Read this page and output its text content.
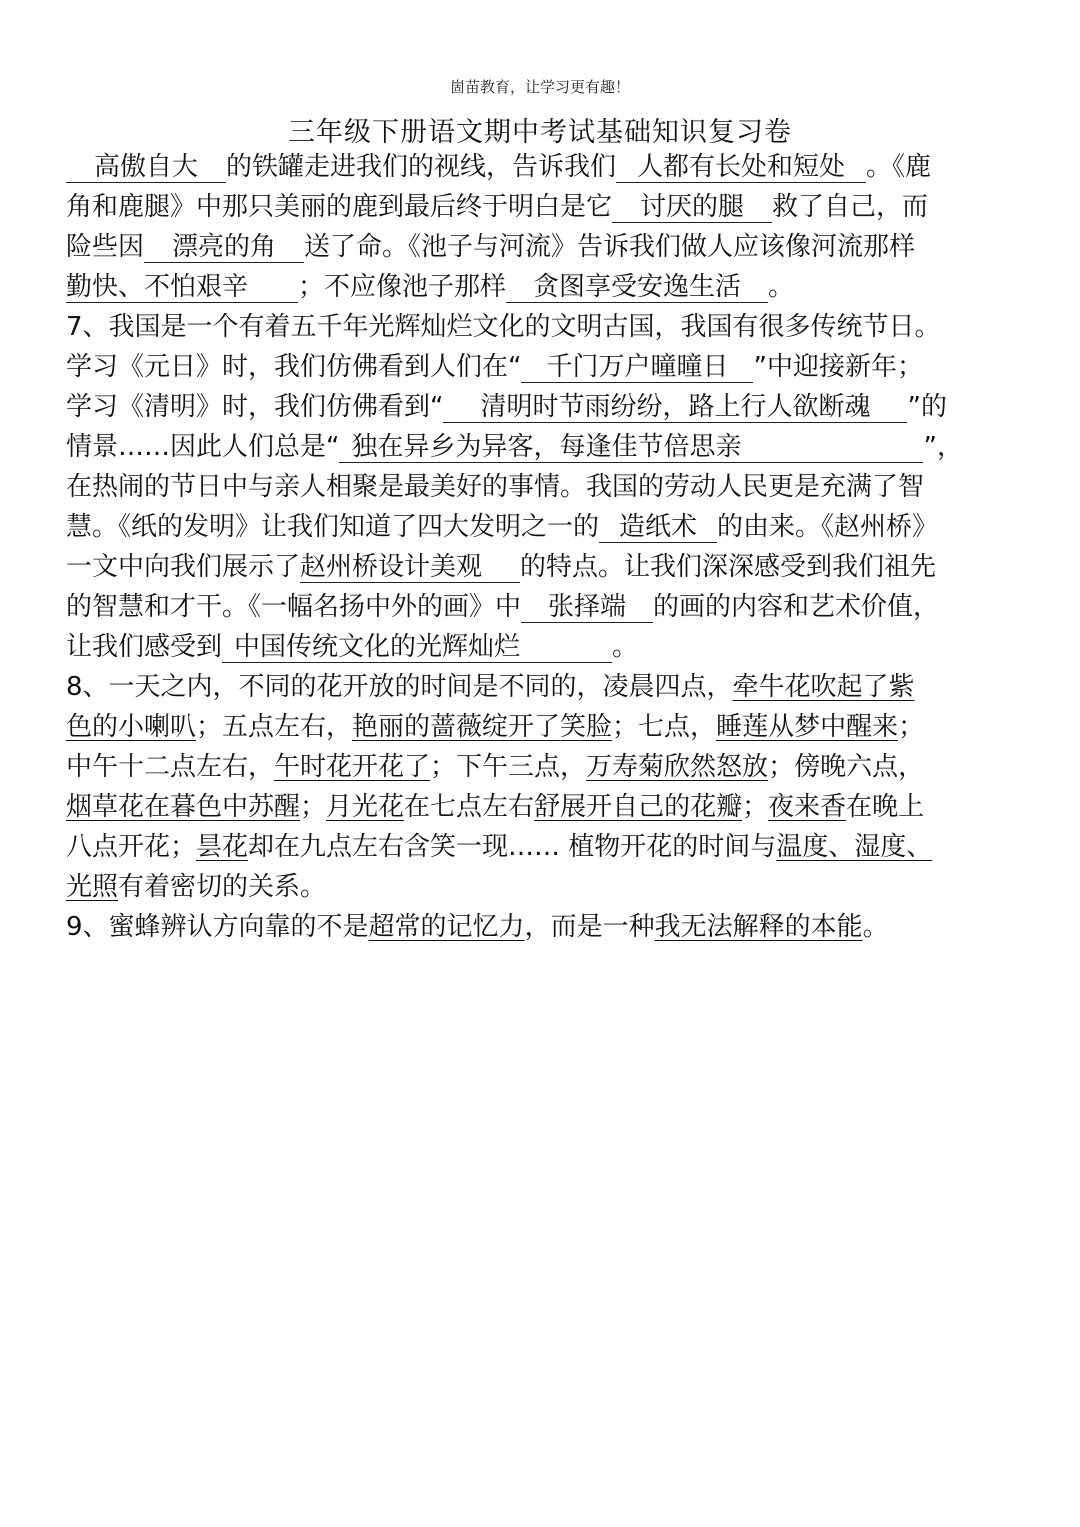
崮苗教育，让学习更有趣！
三年级下册语文期中考试基础知识复习卷
高傲自大 的铁罐走进我们的视线，告诉我们 人都有长处和短处 。《鹿
角和鹿腿》中那只美丽的鹿到最后终于明白是它 讨厌的腿 救了自己，而
险些因 漂亮的角 送了命。《池子与河流》告诉我们做人应该像河流那样
勤快、不怕艰辛 ；不应像池子那样 贪图享受安逸生活 。
7、我国是一个有着五千年光辉灿烂文化的文明古国，我国有很多传统节日。
学习《元日》时，我们仿佛看到人们在“ 千门万户曈曈日 ”中迎接新年；
学习《清明》时，我们仿佛看到“ 清明时节雨纷纷，路上行人欲断魂 ”的
情景……因此人们总是“ 独在异乡为异客，每逢佳节倍思亲	”，
在热闹的节日中与亲人相聚是最美好的事情。我国的劳动人民更是充满了智
慧。《纸的发明》让我们知道了四大发明之一的 造纸术 的由来。《赵州桥》
一文中向我们展示了赵州桥设计美观 的特点。让我们深深感受到我们祖先
的智慧和才干。《一幅名扬中外的画》中 张择端 的画的内容和艺术价值，
让我们感受到 中国传统文化的光辉灿烂	。
8、一天之内，不同的花开放的时间是不同的，凌晨四点，牵牛花吹起了紫
色的小喇叭；五点左右，艳丽的蔷薇绽开了笑脸；七点，睡莲从梦中醒来；
中午十二点左右，午时花开花了；下午三点，万寿菊欣然怒放；傍晚六点，
烟草花在暮色中苏醒；月光花在七点左右舒展开自己的花瓣；夜来香在晚上
八点开花；昙花却在九点左右含笑一现…… 植物开花的时间与温度、湿度、
光照有着密切的关系。
9、蜜蜂辨认方向靠的不是超常的记忆力，而是一种我无法解释的本能。
